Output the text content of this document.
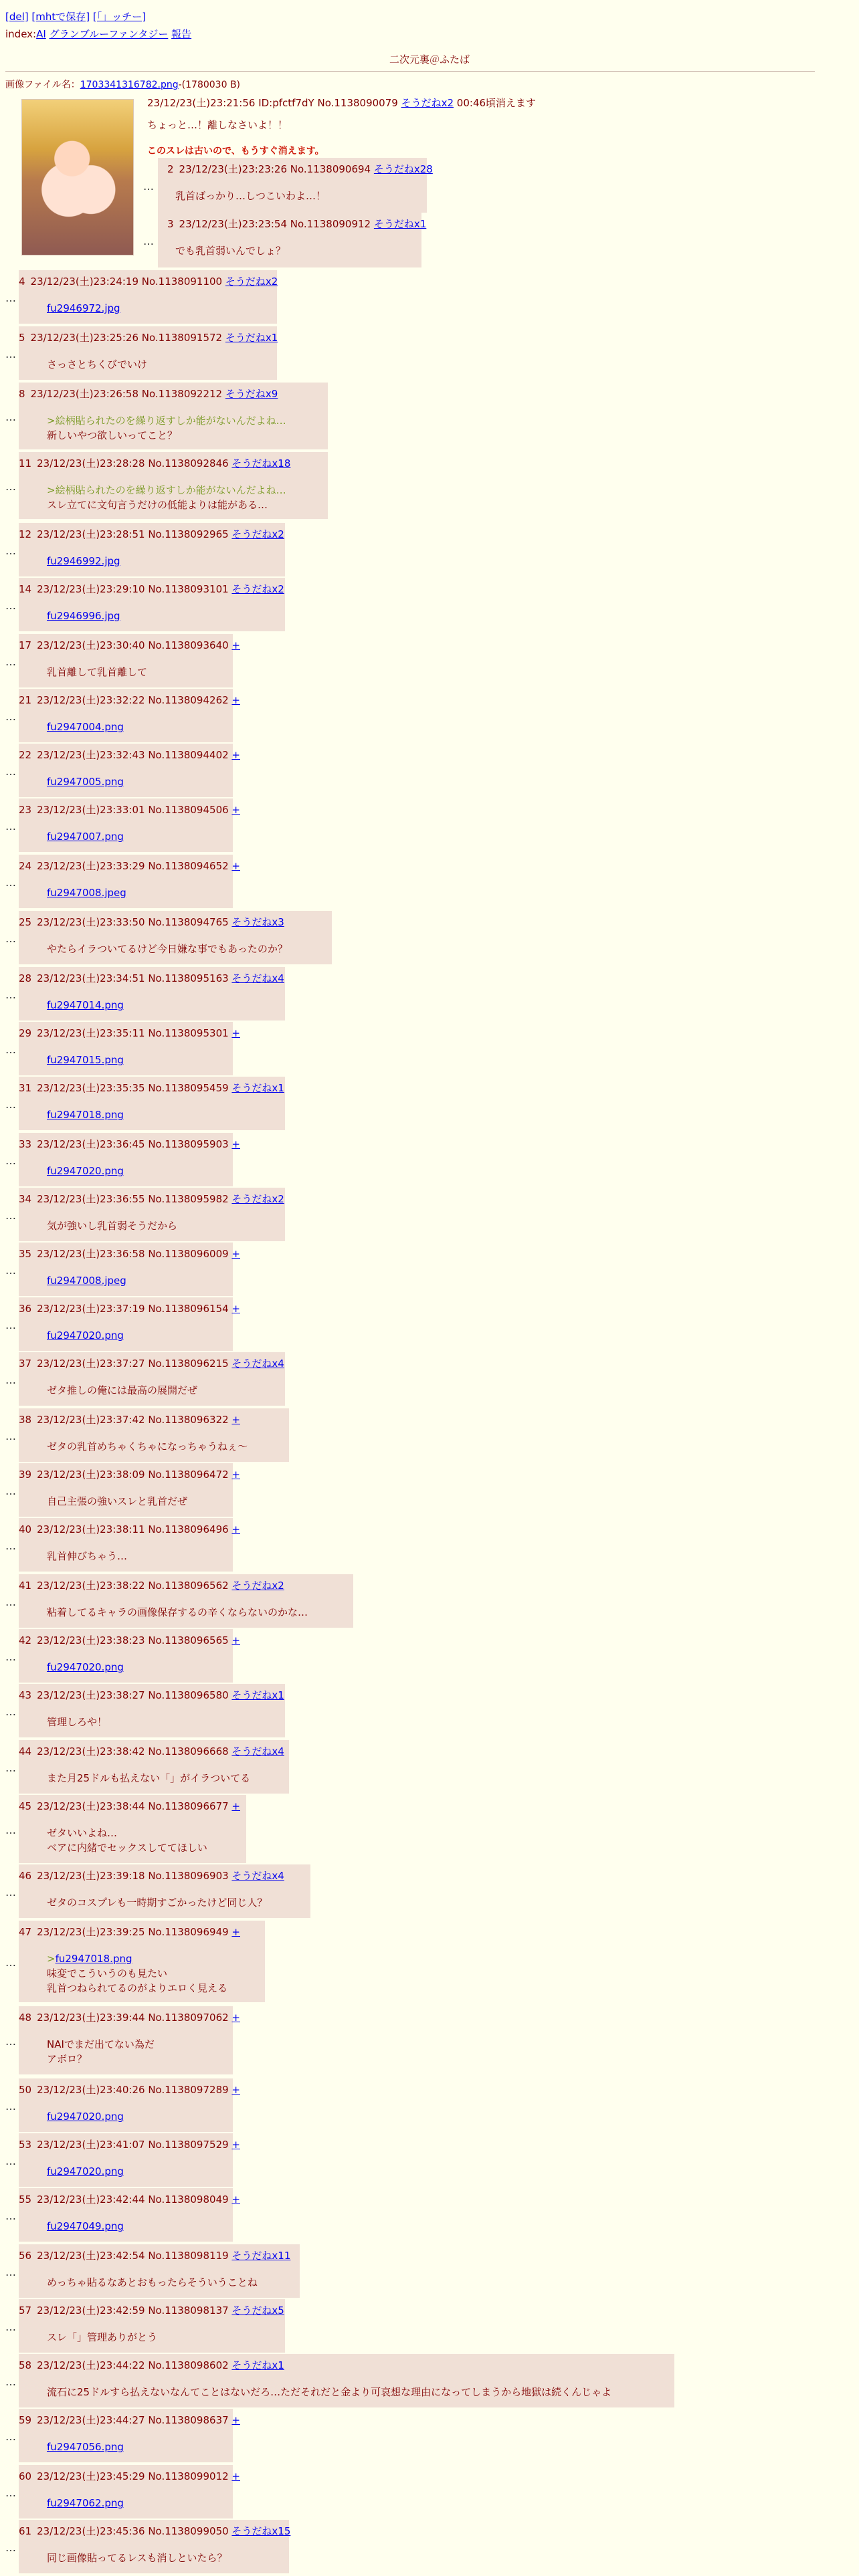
[del] [mhtで保存] [「」ッチー]
index:AI グランブルーファンタジー 報告
二次元裏＠ふたば
画像ファイル名：1703341316782.png-(1780030 B)
23/12/23(土)23:21:56 ID:pfctf7dY No.1138090079 そうだねx2 00:46頃消えます
ちょっと…！離しなさいよ！！
このスレは古いので、もうすぐ消えます。
2 23/12/23(土)23:23:26 No.1138090694 そうだねx28
乳首ばっかり…しつこいわよ…！
…
3 23/12/23(土)23:23:54 No.1138090912 そうだねx1
でも乳首弱いんでしょ？
…
4 23/12/23(土)23:24:19 No.1138091100 そうだねx2
fu2946972.jpg
…
5 23/12/23(土)23:25:26 No.1138091572 そうだねx1
さっさとちくびでいけ
…
8 23/12/23(土)23:26:58 No.1138092212 そうだねx9
>絵柄貼られたのを繰り返すしか能がないんだよね…
新しいやつ欲しいってこと？
…
11 23/12/23(土)23:28:28 No.1138092846 そうだねx18
>絵柄貼られたのを繰り返すしか能がないんだよね…
スレ立てに文句言うだけの低能よりは能がある…
…
12 23/12/23(土)23:28:51 No.1138092965 そうだねx2
fu2946992.jpg
…
14 23/12/23(土)23:29:10 No.1138093101 そうだねx2
fu2946996.jpg
…
17 23/12/23(土)23:30:40 No.1138093640 +
乳首離して乳首離して
…
21 23/12/23(土)23:32:22 No.1138094262 +
fu2947004.png
…
22 23/12/23(土)23:32:43 No.1138094402 +
fu2947005.png
…
23 23/12/23(土)23:33:01 No.1138094506 +
fu2947007.png
…
24 23/12/23(土)23:33:29 No.1138094652 +
fu2947008.jpeg
…
25 23/12/23(土)23:33:50 No.1138094765 そうだねx3
やたらイラついてるけど今日嫌な事でもあったのか？
…
28 23/12/23(土)23:34:51 No.1138095163 そうだねx4
fu2947014.png
…
29 23/12/23(土)23:35:11 No.1138095301 +
fu2947015.png
…
31 23/12/23(土)23:35:35 No.1138095459 そうだねx1
fu2947018.png
…
33 23/12/23(土)23:36:45 No.1138095903 +
fu2947020.png
…
34 23/12/23(土)23:36:55 No.1138095982 そうだねx2
気が強いし乳首弱そうだから
…
35 23/12/23(土)23:36:58 No.1138096009 +
fu2947008.jpeg
…
36 23/12/23(土)23:37:19 No.1138096154 +
fu2947020.png
…
37 23/12/23(土)23:37:27 No.1138096215 そうだねx4
ゼタ推しの俺には最高の展開だぜ
…
38 23/12/23(土)23:37:42 No.1138096322 +
ゼタの乳首めちゃくちゃになっちゃうねぇ～
…
39 23/12/23(土)23:38:09 No.1138096472 +
自己主張の強いスレと乳首だぜ
…
40 23/12/23(土)23:38:11 No.1138096496 +
乳首伸びちゃう…
…
41 23/12/23(土)23:38:22 No.1138096562 そうだねx2
粘着してるキャラの画像保存するの辛くならないのかな…
…
42 23/12/23(土)23:38:23 No.1138096565 +
fu2947020.png
…
43 23/12/23(土)23:38:27 No.1138096580 そうだねx1
管理しろや！
…
44 23/12/23(土)23:38:42 No.1138096668 そうだねx4
また月25ドルも払えない「」がイラついてる
…
45 23/12/23(土)23:38:44 No.1138096677 +
ゼタいいよね…
ベアに内緒でセックスしててほしい
…
46 23/12/23(土)23:39:18 No.1138096903 そうだねx4
ゼタのコスプレも一時期すごかったけど同じ人？
…
47 23/12/23(土)23:39:25 No.1138096949 +
>fu2947018.png
味変でこういうのも見たい
乳首つねられてるのがよりエロく見える
…
48 23/12/23(土)23:39:44 No.1138097062 +
NAIでまだ出てない為だ
アボロ？
…
50 23/12/23(土)23:40:26 No.1138097289 +
fu2947020.png
…
53 23/12/23(土)23:41:07 No.1138097529 +
fu2947020.png
…
55 23/12/23(土)23:42:44 No.1138098049 +
fu2947049.png
…
56 23/12/23(土)23:42:54 No.1138098119 そうだねx11
めっちゃ貼るなあとおもったらそういうことね
…
57 23/12/23(土)23:42:59 No.1138098137 そうだねx5
スレ「」管理ありがとう
…
58 23/12/23(土)23:44:22 No.1138098602 そうだねx1
流石に25ドルすら払えないなんてことはないだろ…ただそれだと金より可哀想な理由になってしまうから地獄は続くんじゃよ
…
59 23/12/23(土)23:44:27 No.1138098637 +
fu2947056.png
…
60 23/12/23(土)23:45:29 No.1138099012 +
fu2947062.png
…
61 23/12/23(土)23:45:36 No.1138099050 そうだねx15
同じ画像貼ってるレスも消しといたら？
…
